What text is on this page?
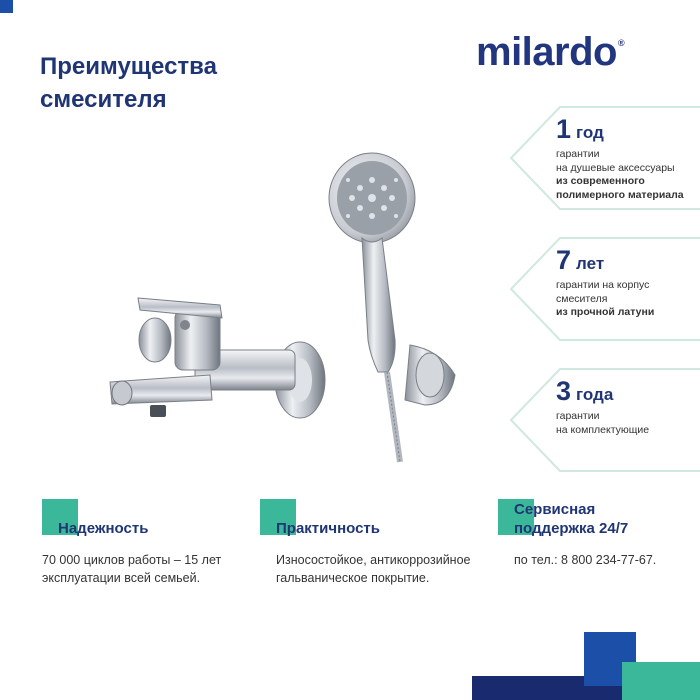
Преимущества
смесителя
milardo®
1 год
гарантии
на душевые аксессуары
из современного
полимерного материала
7 лет
гарантии на корпус
смесителя
из прочной латуни
3 года
гарантии
на комплектующие
Надежность
70 000 циклов работы – 15 лет
эксплуатации всей семьей.
Практичность
Износостойкое, антикоррозийное
гальваническое покрытие.
Сервисная
поддержка 24/7
по тел.: 8 800 234-77-67.
